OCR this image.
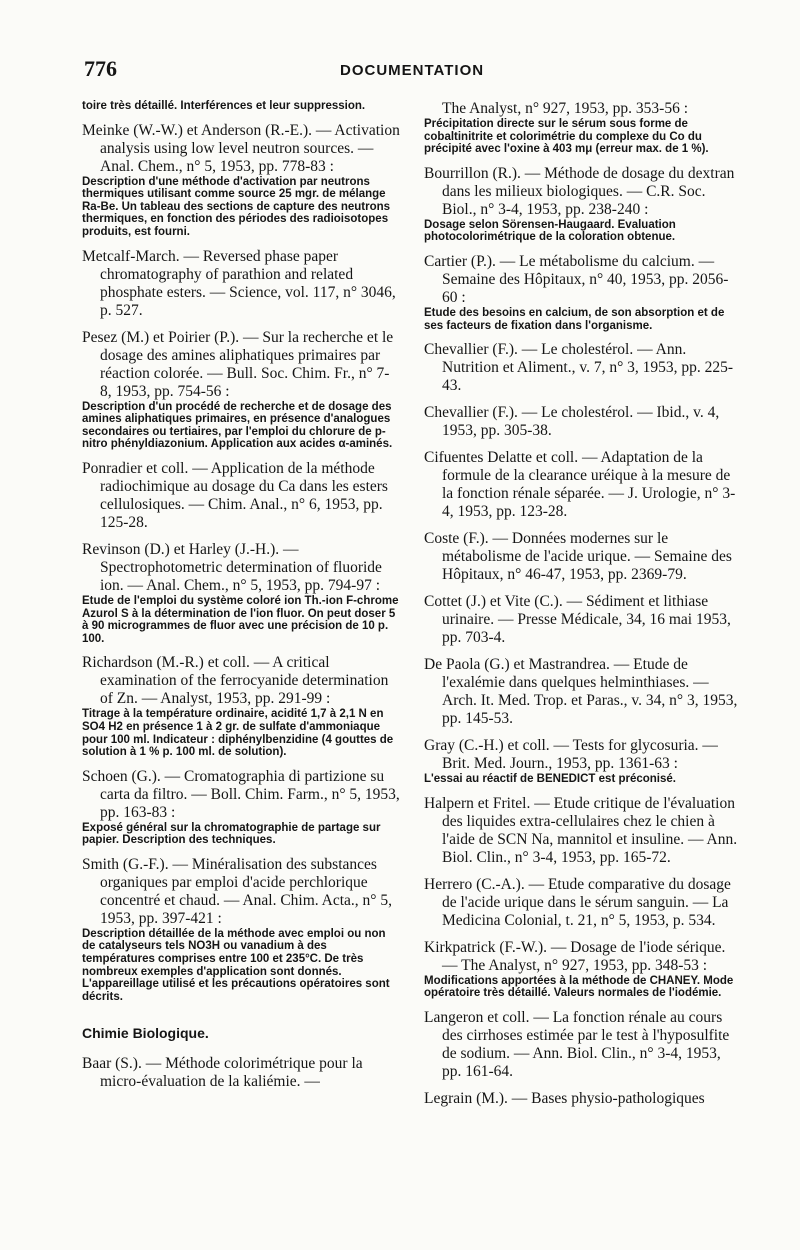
776	DOCUMENTATION
toire très détaillé. Interférences et leur suppression.
Meinke (W.-W.) et Anderson (R.-E.). — Activation analysis using low level neutron sources. — Anal. Chem., n° 5, 1953, pp. 778-83 :
Description d'une méthode d'activation par neutrons thermiques utilisant comme source 25 mgr. de mélange Ra-Be. Un tableau des sections de capture des neutrons thermiques, en fonction des périodes des radioisotopes produits, est fourni.
Metcalf-March. — Reversed phase paper chromatography of parathion and related phosphate esters. — Science, vol. 117, n° 3046, p. 527.
Pesez (M.) et Poirier (P.). — Sur la recherche et le dosage des amines aliphatiques primaires par réaction colorée. — Bull. Soc. Chim. Fr., n° 7-8, 1953, pp. 754-56 :
Description d'un procédé de recherche et de dosage des amines aliphatiques primaires, en présence d'analogues secondaires ou tertiaires, par l'emploi du chlorure de p-nitro phényldiazonium. Application aux acides α-aminés.
Ponradier et coll. — Application de la méthode radiochimique au dosage du Ca dans les esters cellulosiques. — Chim. Anal., n° 6, 1953, pp. 125-28.
Revinson (D.) et Harley (J.-H.). — Spectrophotometric determination of fluoride ion. — Anal. Chem., n° 5, 1953, pp. 794-97 :
Etude de l'emploi du système coloré ion Th.-ion F-chrome Azurol S à la détermination de l'ion fluor. On peut doser 5 à 90 microgrammes de fluor avec une précision de 10 p. 100.
Richardson (M.-R.) et coll. — A critical examination of the ferrocyanide determination of Zn. — Analyst, 1953, pp. 291-99 :
Titrage à la température ordinaire, acidité 1,7 à 2,1 N en SO4 H2 en présence 1 à 2 gr. de sulfate d'ammoniaque pour 100 ml. Indicateur : diphénylbenzidine (4 gouttes de solution à 1 % p. 100 ml. de solution).
Schoen (G.). — Cromatographia di partizione su carta da filtro. — Boll. Chim. Farm., n° 5, 1953, pp. 163-83 :
Exposé général sur la chromatographie de partage sur papier. Description des techniques.
Smith (G.-F.). — Minéralisation des substances organiques par emploi d'acide perchlorique concentré et chaud. — Anal. Chim. Acta., n° 5, 1953, pp. 397-421 :
Description détaillée de la méthode avec emploi ou non de catalyseurs tels NO3H ou vanadium à des températures comprises entre 100 et 235°C. De très nombreux exemples d'application sont donnés. L'appareillage utilisé et les précautions opératoires sont décrits.
Chimie Biologique.
Baar (S.). — Méthode colorimétrique pour la micro-évaluation de la kaliémie. —
The Analyst, n° 927, 1953, pp. 353-56 :
Précipitation directe sur le sérum sous forme de cobaltinitrite et colorimétrie du complexe du Co du précipité avec l'oxine à 403 mμ (erreur max. de 1 %).
Bourrillon (R.). — Méthode de dosage du dextran dans les milieux biologiques. — C.R. Soc. Biol., n° 3-4, 1953, pp. 238-240 :
Dosage selon Sörensen-Haugaard. Evaluation photocolorimétrique de la coloration obtenue.
Cartier (P.). — Le métabolisme du calcium. — Semaine des Hôpitaux, n° 40, 1953, pp. 2056-60 :
Etude des besoins en calcium, de son absorption et de ses facteurs de fixation dans l'organisme.
Chevallier (F.). — Le cholestérol. — Ann. Nutrition et Aliment., v. 7, n° 3, 1953, pp. 225-43.
Chevallier (F.). — Le cholestérol. — Ibid., v. 4, 1953, pp. 305-38.
Cifuentes Delatte et coll. — Adaptation de la formule de la clearance uréique à la mesure de la fonction rénale séparée. — J. Urologie, n° 3-4, 1953, pp. 123-28.
Coste (F.). — Données modernes sur le métabolisme de l'acide urique. — Semaine des Hôpitaux, n° 46-47, 1953, pp. 2369-79.
Cottet (J.) et Vite (C.). — Sédiment et lithiase urinaire. — Presse Médicale, 34, 16 mai 1953, pp. 703-4.
De Paola (G.) et Mastrandrea. — Etude de l'exalémie dans quelques helminthiases. — Arch. It. Med. Trop. et Paras., v. 34, n° 3, 1953, pp. 145-53.
Gray (C.-H.) et coll. — Tests for glycosuria. — Brit. Med. Journ., 1953, pp. 1361-63 :
L'essai au réactif de BENEDICT est préconisé.
Halpern et Fritel. — Etude critique de l'évaluation des liquides extra-cellulaires chez le chien à l'aide de SCN Na, mannitol et insuline. — Ann. Biol. Clin., n° 3-4, 1953, pp. 165-72.
Herrero (C.-A.). — Etude comparative du dosage de l'acide urique dans le sérum sanguin. — La Medicina Colonial, t. 21, n° 5, 1953, p. 534.
Kirkpatrick (F.-W.). — Dosage de l'iode sérique. — The Analyst, n° 927, 1953, pp. 348-53 :
Modifications apportées à la méthode de CHANEY. Mode opératoire très détaillé. Valeurs normales de l'iodémie.
Langeron et coll. — La fonction rénale au cours des cirrhoses estimée par le test à l'hyposulfite de sodium. — Ann. Biol. Clin., n° 3-4, 1953, pp. 161-64.
Legrain (M.). — Bases physio-pathologiques
